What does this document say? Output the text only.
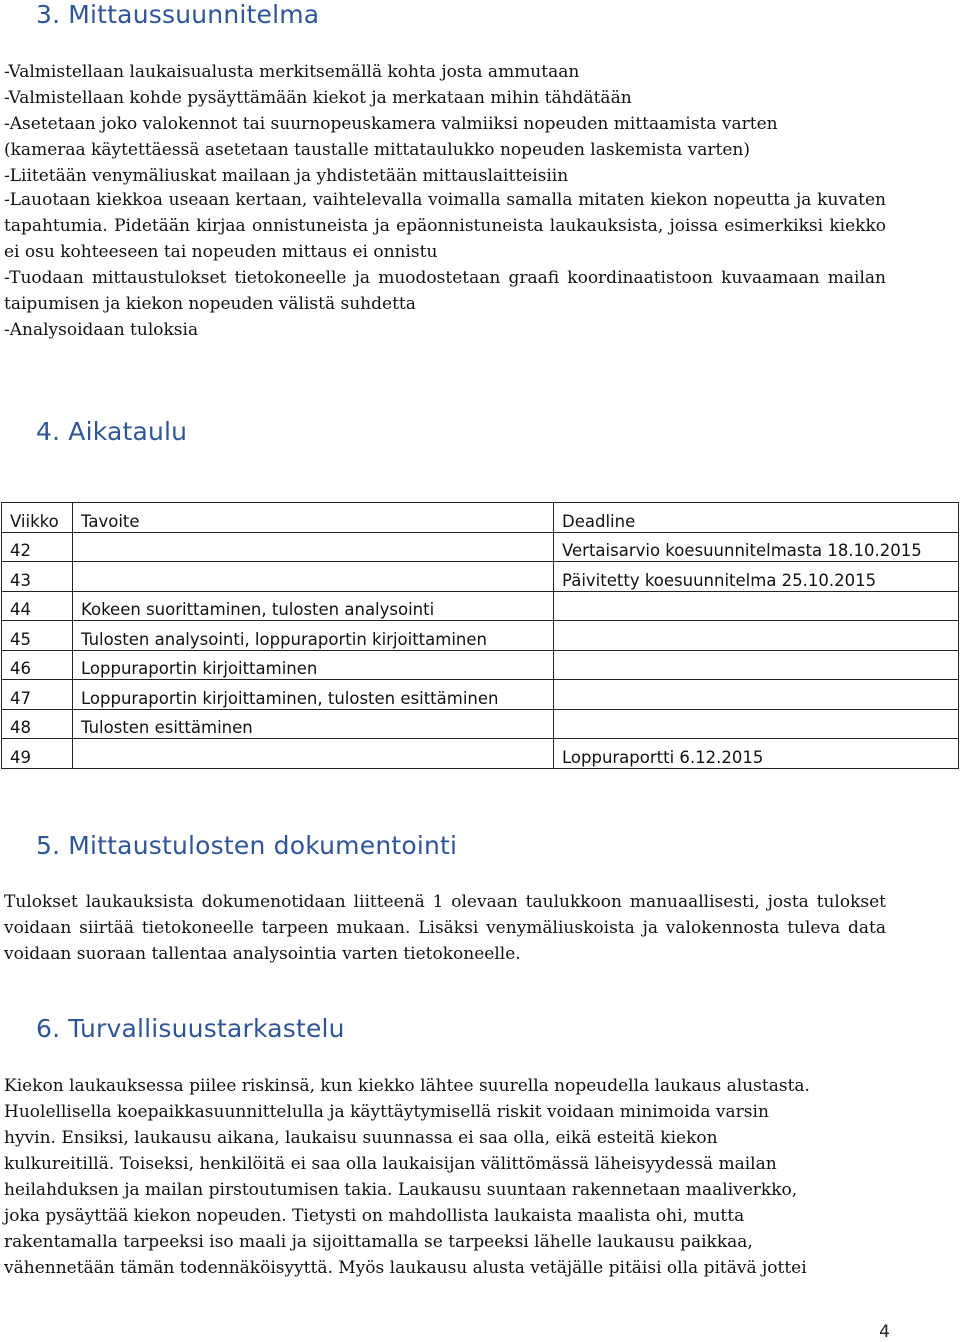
3. Mittaussuunnitelma
-Valmistellaan laukaisualusta merkitsemällä kohta josta ammutaan
-Valmistellaan kohde pysäyttämään kiekot ja merkataan mihin tähdätään
-Asetetaan joko valokennot tai suurnopeuskamera valmiiksi nopeuden mittaamista varten
(kameraa käytettäessä asetetaan taustalle mittataulukko nopeuden laskemista varten)
-Liitetään venymäliuskat mailaan ja yhdistetään mittauslaitteisiin

-Lauotaan kiekkoa useaan kertaan, vaihtelevalla voimalla samalla mitaten kiekon nopeutta ja kuvaten tapahtumia. Pidetään kirjaa onnistuneista ja epäonnistuneista laukauksista, joissa esimerkiksi kiekko ei osu kohteeseen tai nopeuden mittaus ei onnistu

-Tuodaan mittaustulokset tietokoneelle ja muodostetaan graafi koordinaatistoon kuvaamaan mailan taipumisen ja kiekon nopeuden välistä suhdetta

-Analysoidaan tuloksia

4. Aikataulu
Viikko	Tavoite	Deadline
42		Vertaisarvio koesuunnitelmasta 18.10.2015
43		Päivitetty koesuunnitelma 25.10.2015
44	Kokeen suorittaminen, tulosten analysointi	
45	Tulosten analysointi, loppuraportin kirjoittaminen	
46	Loppuraportin kirjoittaminen	
47	Loppuraportin kirjoittaminen, tulosten esittäminen	
48	Tulosten esittäminen	
49		Loppuraportti 6.12.2015
5. Mittaustulosten dokumentointi

Tulokset laukauksista dokumenotidaan liitteenä 1 olevaan taulukkoon manuaallisesti, josta tulokset voidaan siirtää tietokoneelle tarpeen mukaan. Lisäksi venymäliuskoista ja valokennosta tuleva data voidaan suoraan tallentaa analysointia varten tietokoneelle.

6. Turvallisuustarkastelu
Kiekon laukauksessa piilee riskinsä, kun kiekko lähtee suurella nopeudella laukaus alustasta.
Huolellisella koepaikkasuunnittelulla ja käyttäytymisellä riskit voidaan minimoida varsin
hyvin. Ensiksi, laukausu aikana, laukaisu suunnassa ei saa olla, eikä esteitä kiekon
kulkureitillä. Toiseksi, henkilöitä ei saa olla laukaisijan välittömässä läheisyydessä mailan
heilahduksen ja mailan pirstoutumisen takia. Laukausu suuntaan rakennetaan maaliverkko,
joka pysäyttää kiekon nopeuden. Tietysti on mahdollista laukaista maalista ohi, mutta
rakentamalla tarpeeksi iso maali ja sijoittamalla se tarpeeksi lähelle laukausu paikkaa,
vähennetään tämän todennäköisyyttä. Myös laukausu alusta vetäjälle pitäisi olla pitävä jottei
4
